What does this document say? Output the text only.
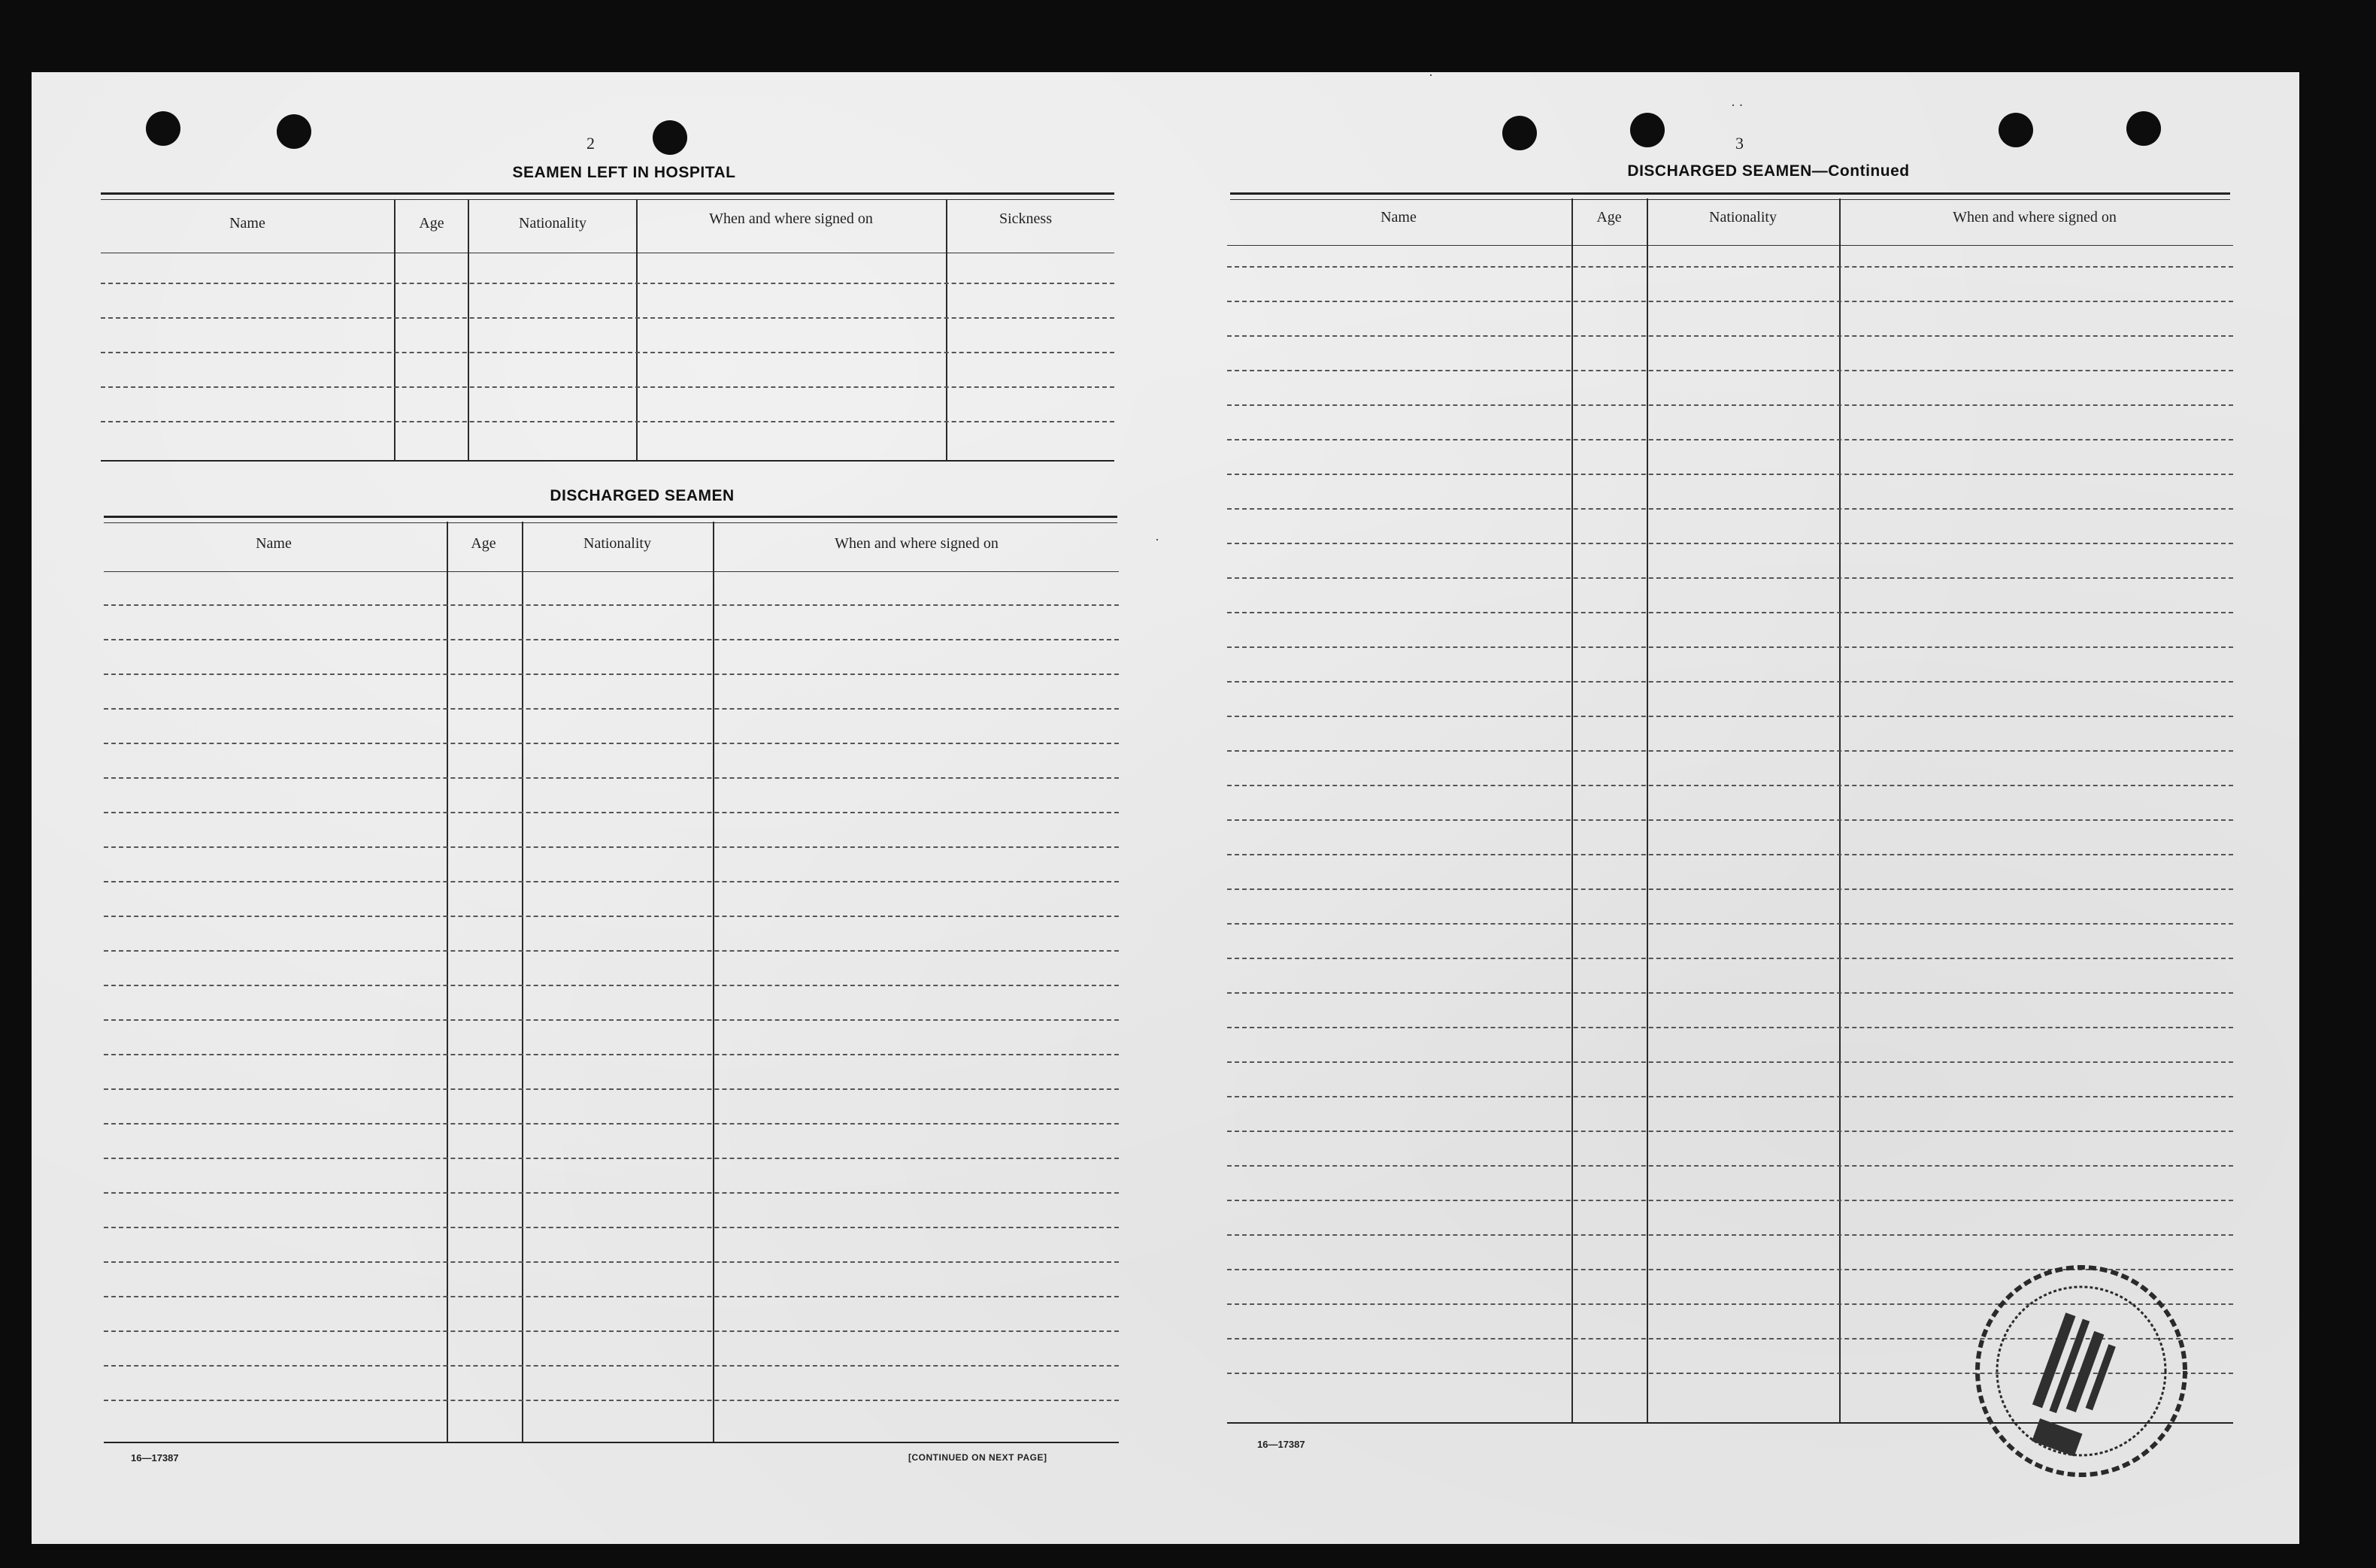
·
· ·
2
SEAMEN LEFT IN HOSPITAL
Name	Age	Nationality	When and where signed on	Sickness
DISCHARGED SEAMEN
Name	Age	Nationality	When and where signed on
16—17387	[CONTINUED ON NEXT PAGE]
3
DISCHARGED SEAMEN—Continued
Name	Age	Nationality	When and where signed on
16—17387
·
